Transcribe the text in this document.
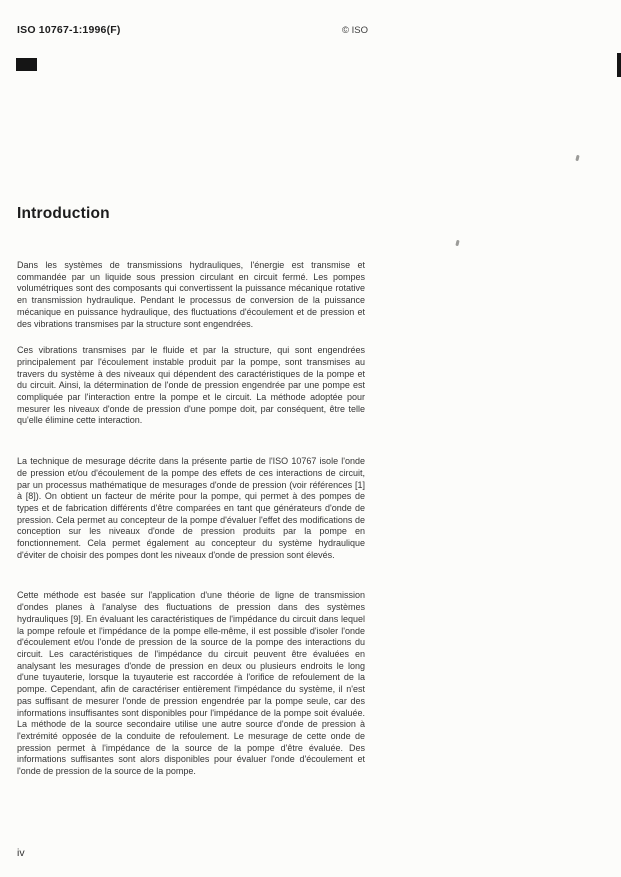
ISO 10767-1:1996(F)	© ISO
Introduction

Dans les systèmes de transmissions hydrauliques, l'énergie est transmise et commandée par un liquide sous pression circulant en circuit fermé. Les pompes volumétriques sont des composants qui convertissent la puissance mécanique rotative en transmission hydraulique. Pendant le processus de conversion de la puissance mécanique en puissance hydraulique, des fluctuations d'écoulement et de pression et des vibrations transmises par la structure sont engendrées.

Ces vibrations transmises par le fluide et par la structure, qui sont engendrées principalement par l'écoulement instable produit par la pompe, sont transmises au travers du système à des niveaux qui dépendent des caractéristiques de la pompe et du circuit. Ainsi, la détermination de l'onde de pression engendrée par une pompe est compliquée par l'interaction entre la pompe et le circuit. La méthode adoptée pour mesurer les niveaux d'onde de pression d'une pompe doit, par conséquent, être telle qu'elle élimine cette interaction.

La technique de mesurage décrite dans la présente partie de l'ISO 10767 isole l'onde de pression et/ou d'écoulement de la pompe des effets de ces interactions de circuit, par un processus mathématique de mesurages d'onde de pression (voir références [1] à [8]). On obtient un facteur de mérite pour la pompe, qui permet à des pompes de types et de fabrication différents d'être comparées en tant que générateurs d'onde de pression. Cela permet au concepteur de la pompe d'évaluer l'effet des modifications de conception sur les niveaux d'onde de pression produits par la pompe en fonctionnement. Cela permet également au concepteur du système hydraulique d'éviter de choisir des pompes dont les niveaux d'onde de pression sont élevés.

Cette méthode est basée sur l'application d'une théorie de ligne de transmission d'ondes planes à l'analyse des fluctuations de pression dans des systèmes hydrauliques [9]. En évaluant les caractéristiques de l'impédance du circuit dans lequel la pompe refoule et l'impédance de la pompe elle-même, il est possible d'isoler l'onde d'écoulement et/ou l'onde de pression de la source de la pompe des interactions du circuit. Les caractéristiques de l'impédance du circuit peuvent être évaluées en analysant les mesurages d'onde de pression en deux ou plusieurs endroits le long d'une tuyauterie, lorsque la tuyauterie est raccordée à l'orifice de refoulement de la pompe. Cependant, afin de caractériser entièrement l'impédance du système, il n'est pas suffisant de mesurer l'onde de pression engendrée par la pompe seule, car des informations insuffisantes sont disponibles pour l'impédance de la pompe soit évaluée. La méthode de la source secondaire utilise une autre source d'onde de pression à l'extrémité opposée de la conduite de refoulement. Le mesurage de cette onde de pression permet à l'impédance de la source de la pompe d'être évaluée. Des informations suffisantes sont alors disponibles pour évaluer l'onde d'écoulement et l'onde de pression de la source de la pompe.

iv
